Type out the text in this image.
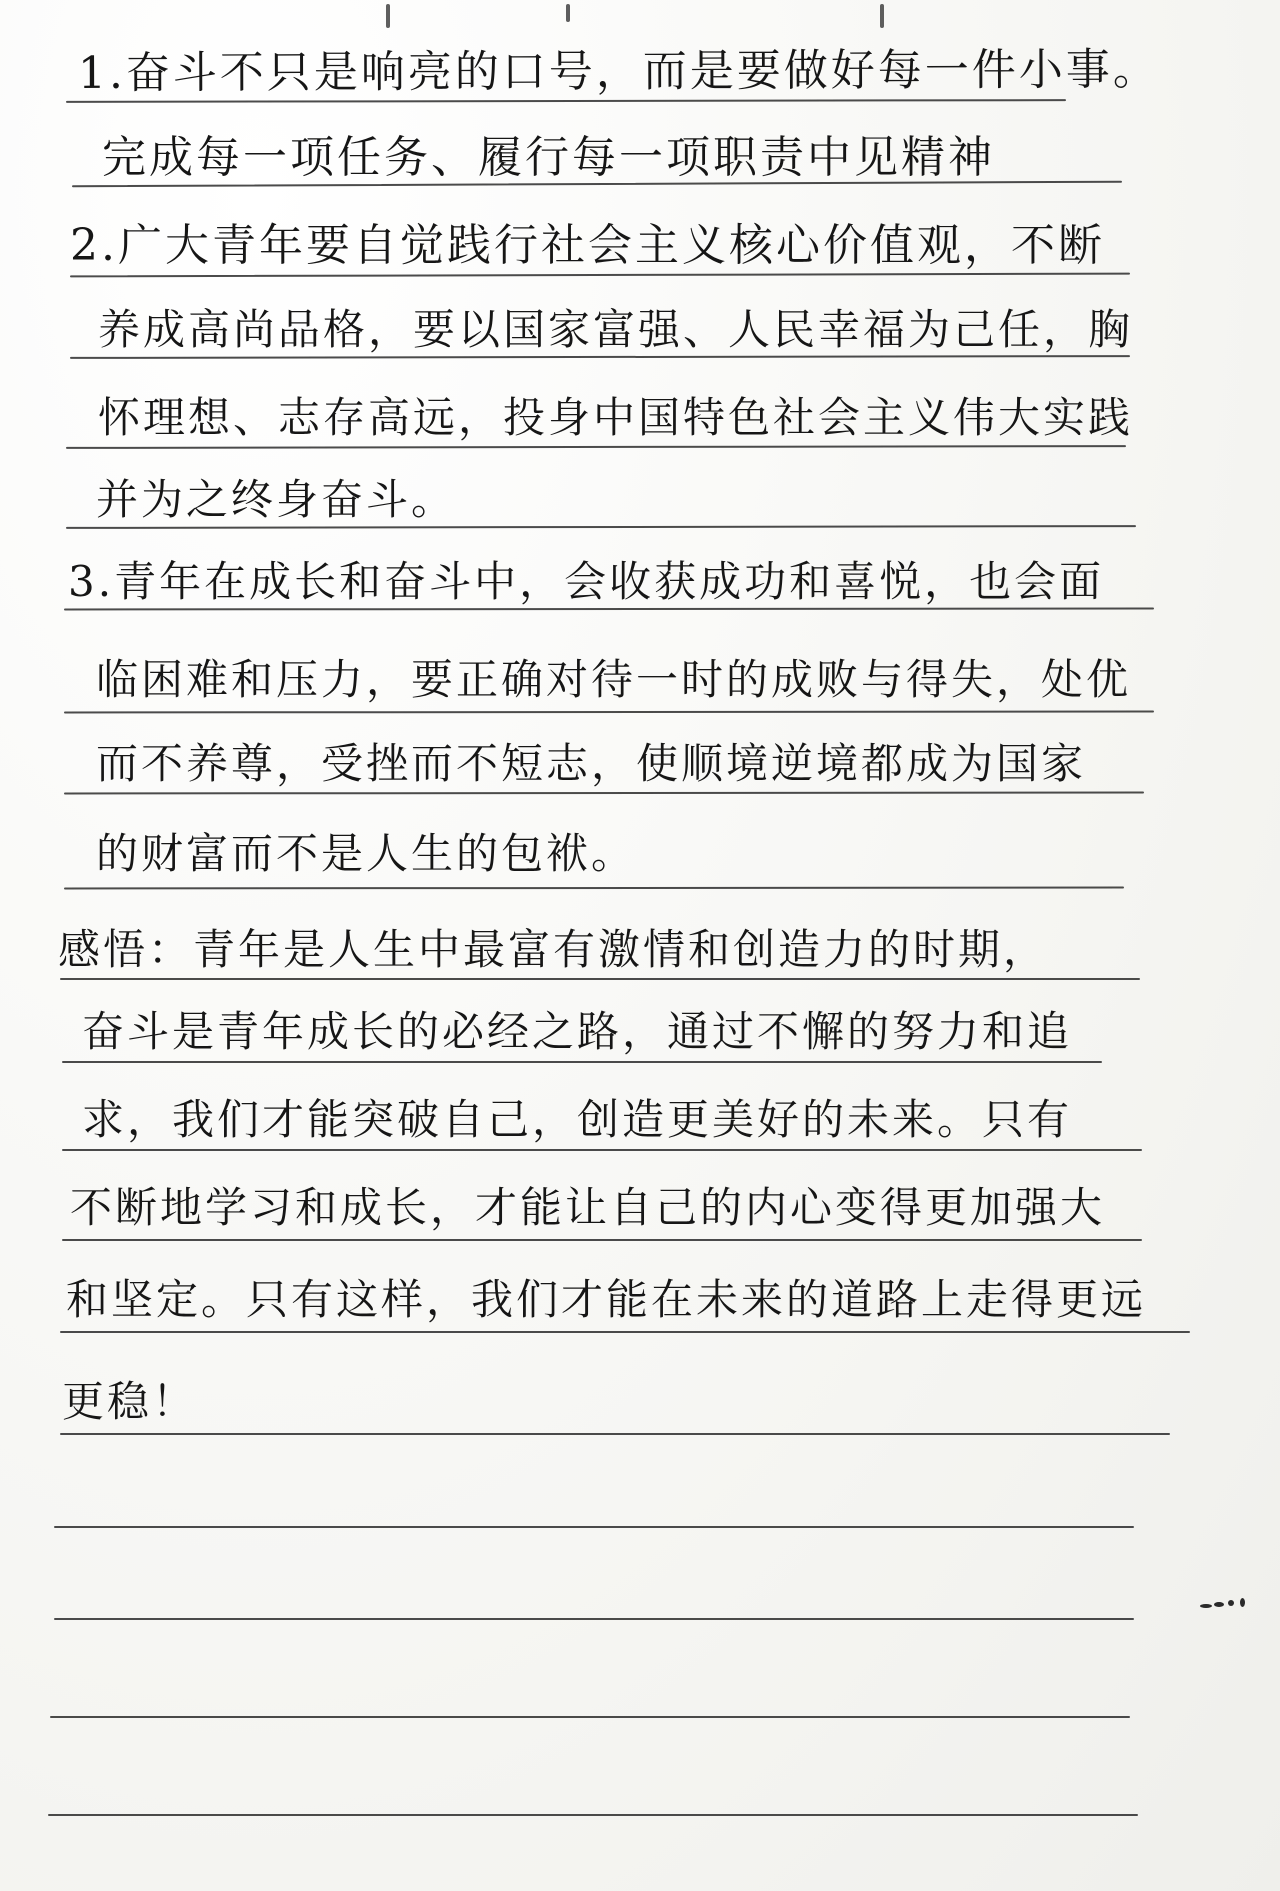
1.奋斗不只是响亮的口号，而是要做好每一件小事。
完成每一项任务、履行每一项职责中见精神
2.广大青年要自觉践行社会主义核心价值观，不断
养成高尚品格，要以国家富强、人民幸福为己任，胸
怀理想、志存高远，投身中国特色社会主义伟大实践
并为之终身奋斗。
3.青年在成长和奋斗中，会收获成功和喜悦，也会面
临困难和压力，要正确对待一时的成败与得失，处优
而不养尊，受挫而不短志，使顺境逆境都成为国家
的财富而不是人生的包袱。
感悟：青年是人生中最富有激情和创造力的时期，
奋斗是青年成长的必经之路，通过不懈的努力和追
求，我们才能突破自己，创造更美好的未来。只有
不断地学习和成长，才能让自己的内心变得更加强大
和坚定。只有这样，我们才能在未来的道路上走得更远
更稳！
